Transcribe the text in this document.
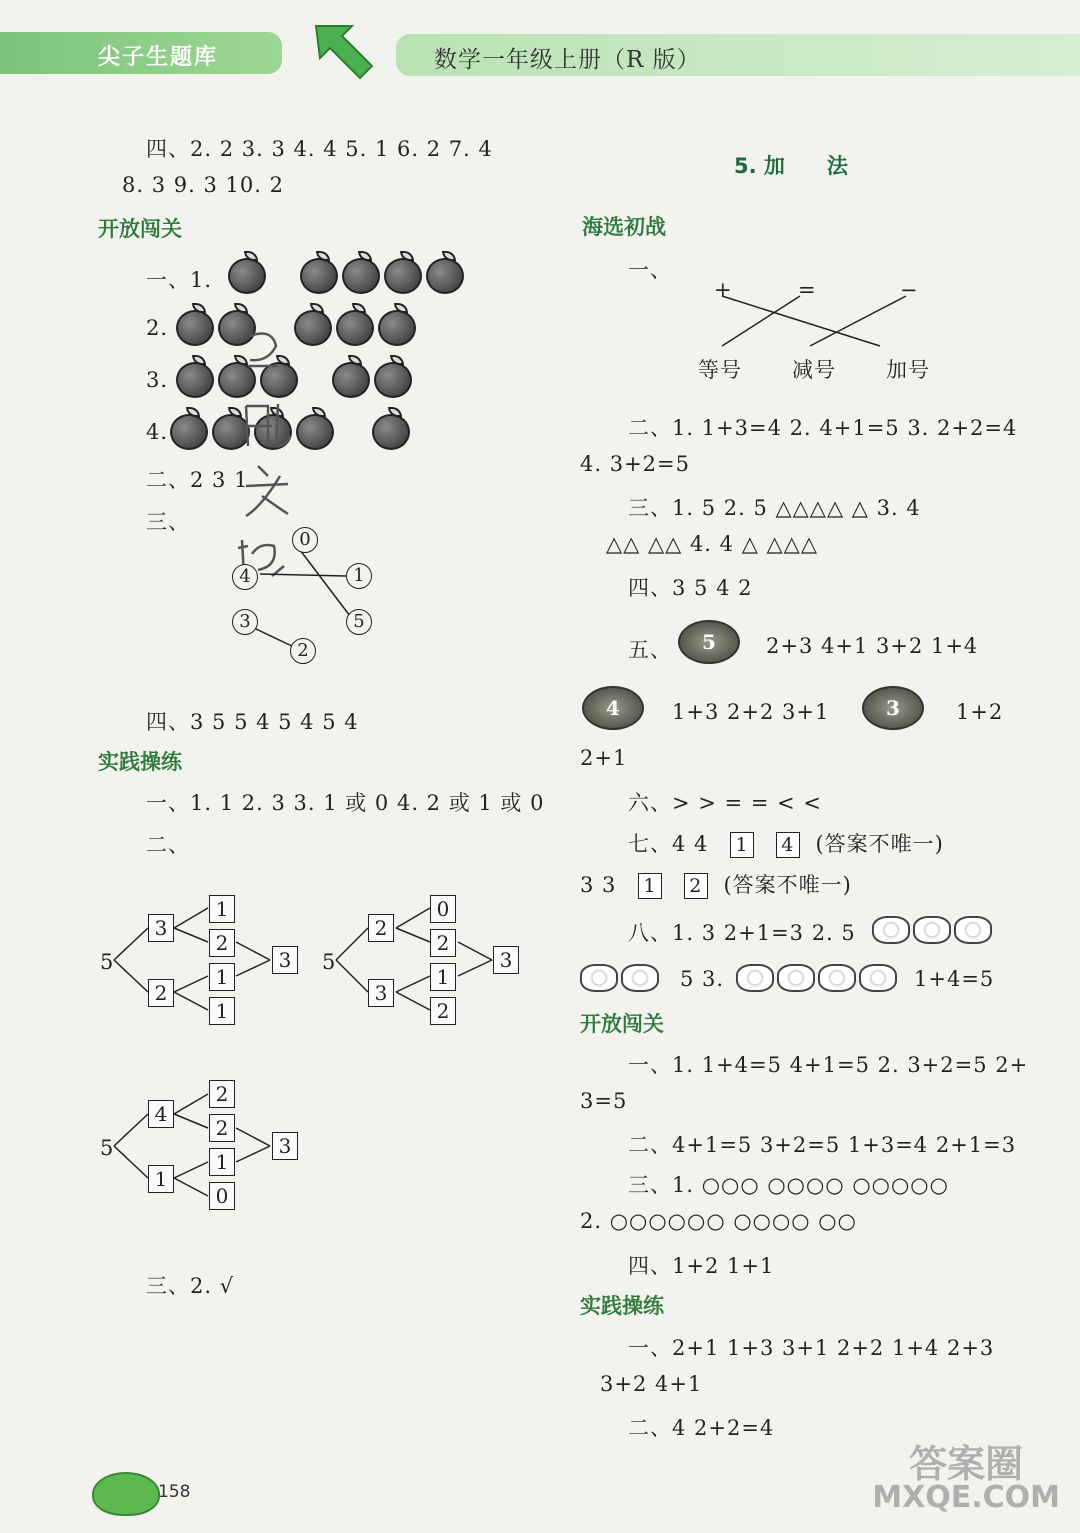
尖子生题库	数学一年级上册（R 版）
四、2. 2 3. 3 4. 4 5. 1 6. 2 7. 4
8. 3 9. 3 10. 2
开放闯关
一、1.

2.

3.

4.

二、2 3 1
三、
0
4	1
5
3
2
四、3 5 5 4 5 4 5 4
实践操练
一、1. 1 2. 3 3. 1 或 0 4. 2 或 1 或 0
二、
5
3
2
1
2
1
1
3	5
2
3
0
2
1
2
3
5
4
1
2
2
1
0
3
三、2. √
158
5. 加　　法
海选初战
一、
+	=	−
等号 减号 加号
二、1. 1+3=4 2. 4+1=5 3. 2+2=4
4. 3+2=5
三、1. 5 2. 5 △△△△ △ 3. 4
△△ △△ 4. 4 △ △△△
四、3 5 4 2
五、	5	2+3 4+1 3+2 1+4
4	1+3 2+2 3+1	3	1+2
2+1
六、> > = = < <
七、4 4 1 4 (答案不唯一)
3 3 1 2 (答案不唯一)
八、1. 3 2+1=3 2. 5
5 3.	1+4=5
开放闯关
一、1. 1+4=5 4+1=5 2. 3+2=5 2+
3=5
二、4+1=5 3+2=5 1+3=4 2+1=3
三、1. ○○○ ○○○○ ○○○○○
2. ○○○○○○ ○○○○ ○○
四、1+2 1+1
实践操练
一、2+1 1+3 3+1 2+2 1+4 2+3
3+2 4+1
二、4 2+2=4
答案圈
MXQE.COM
